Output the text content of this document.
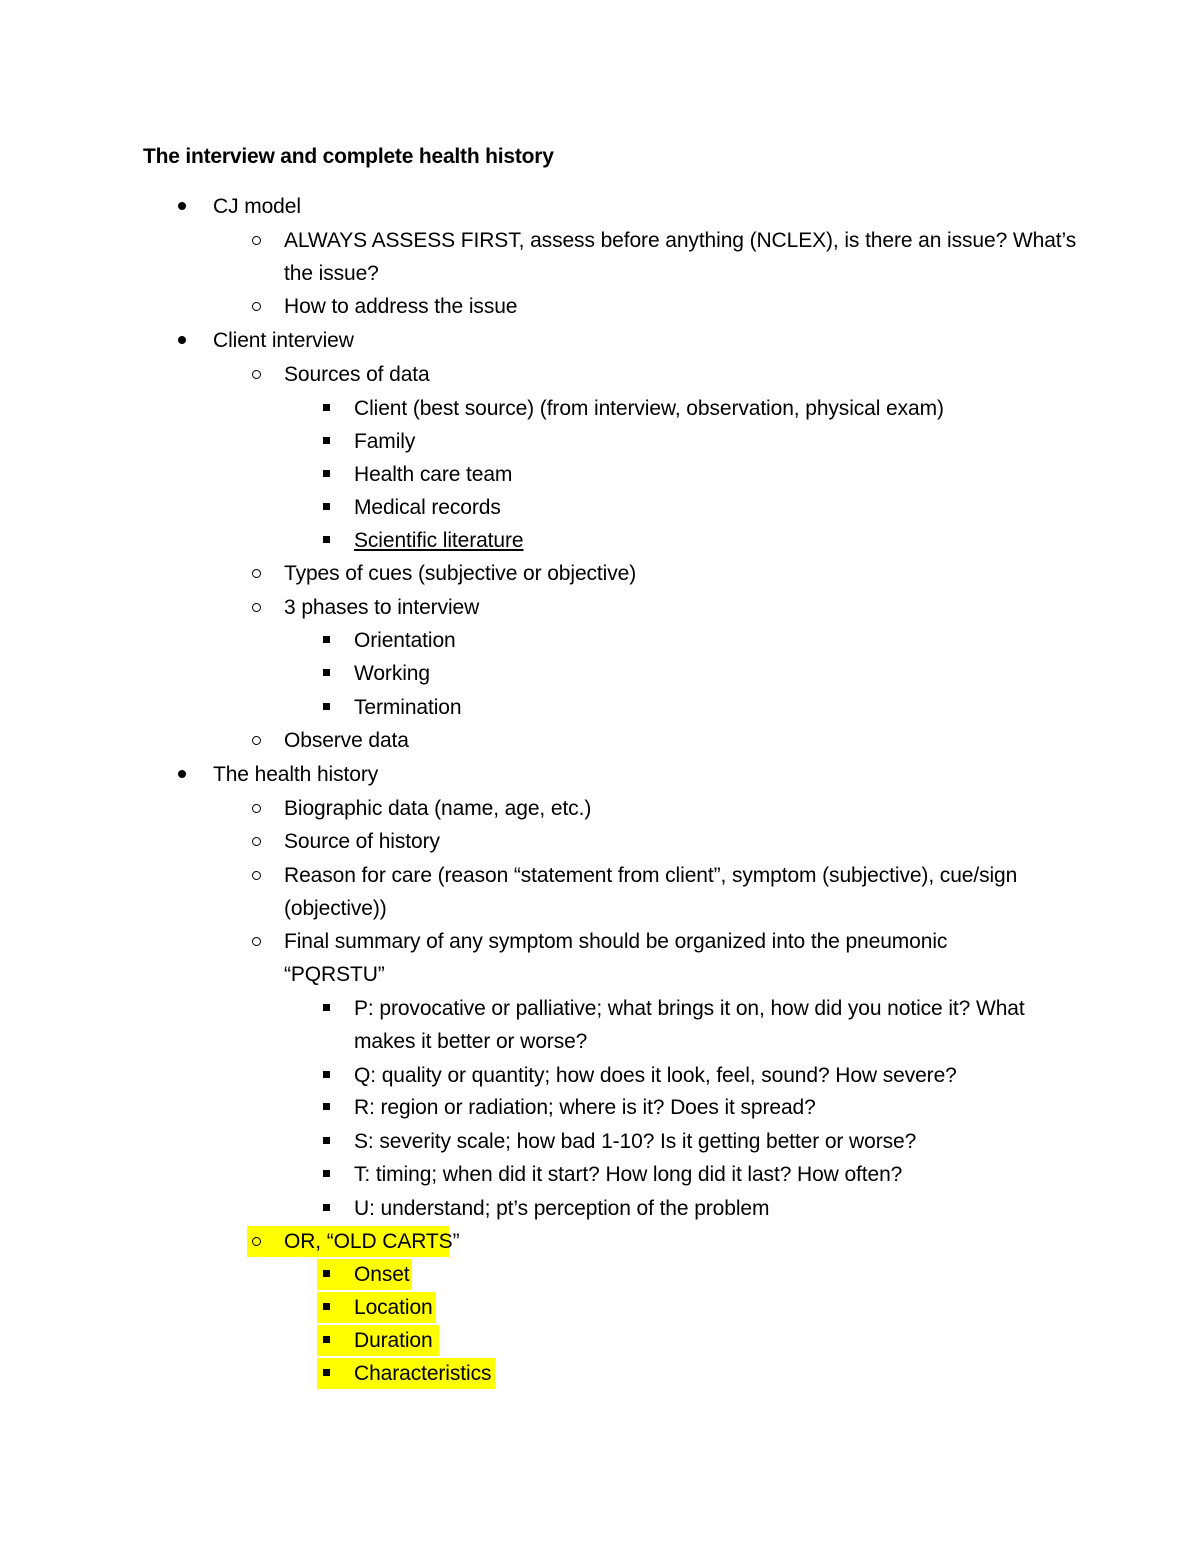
The interview and complete health history
CJ model
ALWAYS ASSESS FIRST, assess before anything (NCLEX), is there an issue? What’s
the issue?
How to address the issue
Client interview
Sources of data
Client (best source) (from interview, observation, physical exam)
Family
Health care team
Medical records
Scientific literature
Types of cues (subjective or objective)
3 phases to interview
Orientation
Working
Termination
Observe data
The health history
Biographic data (name, age, etc.)
Source of history
Reason for care (reason “statement from client”, symptom (subjective), cue/sign
(objective))
Final summary of any symptom should be organized into the pneumonic
“PQRSTU”
P: provocative or palliative; what brings it on, how did you notice it? What
makes it better or worse?
Q: quality or quantity; how does it look, feel, sound? How severe?
R: region or radiation; where is it? Does it spread?
S: severity scale; how bad 1-10? Is it getting better or worse?
T: timing; when did it start? How long did it last? How often?
U: understand; pt’s perception of the problem
OR, “OLD CARTS”
Onset
Location
Duration
Characteristics
